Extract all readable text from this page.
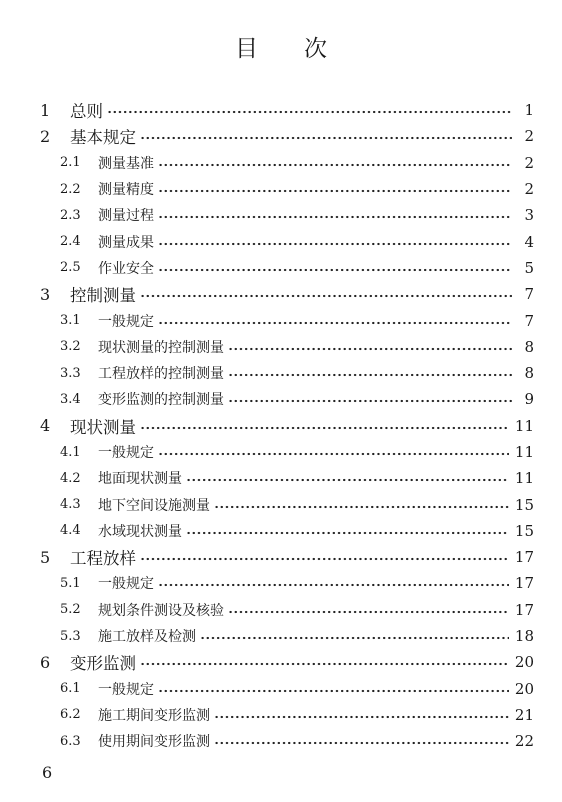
目 次
1	总则	1
2	基本规定	2
2.1	测量基准	2
2.2	测量精度	2
2.3	测量过程	3
2.4	测量成果	4
2.5	作业安全	5
3	控制测量	7
3.1	一般规定	7
3.2	现状测量的控制测量	8
3.3	工程放样的控制测量	8
3.4	变形监测的控制测量	9
4	现状测量	11
4.1	一般规定	11
4.2	地面现状测量	11
4.3	地下空间设施测量	15
4.4	水域现状测量	15
5	工程放样	17
5.1	一般规定	17
5.2	规划条件测设及核验	17
5.3	施工放样及检测	18
6	变形监测	20
6.1	一般规定	20
6.2	施工期间变形监测	21
6.3	使用期间变形监测	22
6
